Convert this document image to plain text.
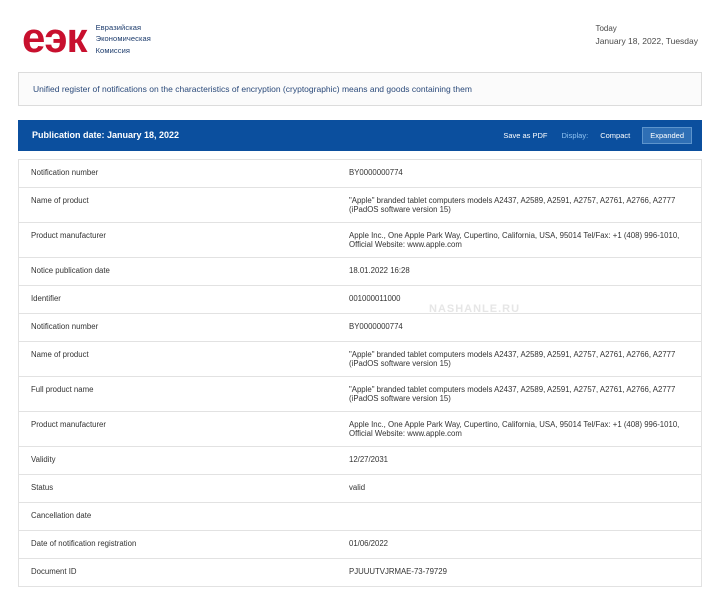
еэк Евразийская
Экономическая
Комиссия
Today
January 18, 2022, Tuesday
Unified register of notifications on the characteristics of encryption (cryptographic) means and goods containing them
Publication date: January 18, 2022	Save as PDF Display:	Compact	Expanded
Notification number	BY0000000774
Name of product	"Apple" branded tablet computers models A2437, A2589, A2591, A2757, A2761, A2766, A2777
(iPadOS software version 15)
Product manufacturer	Apple Inc., One Apple Park Way, Cupertino, California, USA, 95014 Tel/Fax: +1 (408) 996-1010,
Official Website: www.apple.com
Notice publication date	18.01.2022 16:28
Identifier	001000011000
Notification number	BY0000000774
NASHANLE.RU
Name of product	"Apple" branded tablet computers models A2437, A2589, A2591, A2757, A2761, A2766, A2777
(iPadOS software version 15)
Full product name	"Apple" branded tablet computers models A2437, A2589, A2591, A2757, A2761, A2766, A2777
(iPadOS software version 15)
Product manufacturer	Apple Inc., One Apple Park Way, Cupertino, California, USA, 95014 Tel/Fax: +1 (408) 996-1010,
Official Website: www.apple.com
Validity	12/27/2031
Status	valid
Cancellation date
Date of notification registration	01/06/2022
Document ID	PJUUUTVJRMAE-73-79729
